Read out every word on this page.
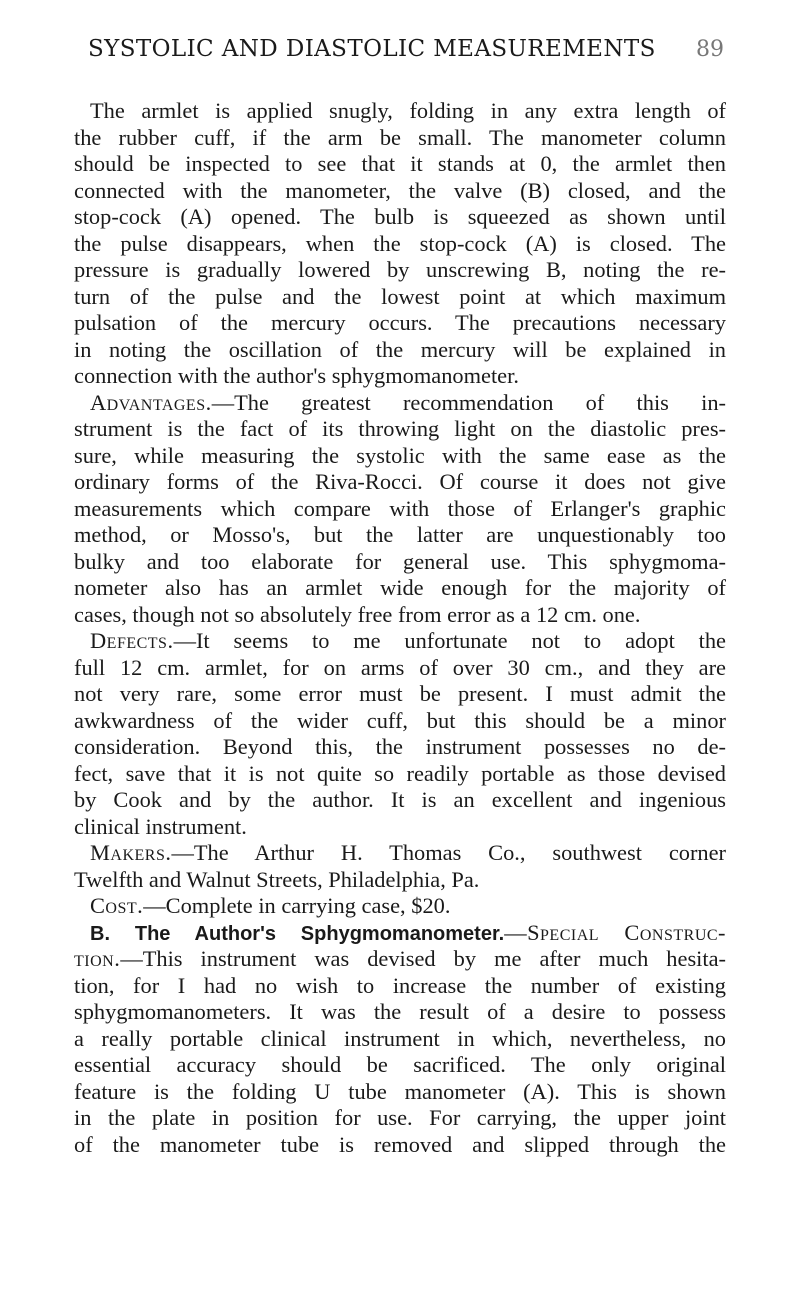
SYSTOLIC AND DIASTOLIC MEASUREMENTS 89
The armlet is applied snugly, folding in any extra length of
the rubber cuff, if the arm be small. The manometer column
should be inspected to see that it stands at 0, the armlet then
connected with the manometer, the valve (B) closed, and the
stop-cock (A) opened. The bulb is squeezed as shown until
the pulse disappears, when the stop-cock (A) is closed. The
pressure is gradually lowered by unscrewing B, noting the re-
turn of the pulse and the lowest point at which maximum
pulsation of the mercury occurs. The precautions necessary
in noting the oscillation of the mercury will be explained in
connection with the author's sphygmomanometer.
Advantages.—The greatest recommendation of this in-
strument is the fact of its throwing light on the diastolic pres-
sure, while measuring the systolic with the same ease as the
ordinary forms of the Riva-Rocci. Of course it does not give
measurements which compare with those of Erlanger's graphic
method, or Mosso's, but the latter are unquestionably too
bulky and too elaborate for general use. This sphygmoma-
nometer also has an armlet wide enough for the majority of
cases, though not so absolutely free from error as a 12 cm. one.
Defects.—It seems to me unfortunate not to adopt the
full 12 cm. armlet, for on arms of over 30 cm., and they are
not very rare, some error must be present. I must admit the
awkwardness of the wider cuff, but this should be a minor
consideration. Beyond this, the instrument possesses no de-
fect, save that it is not quite so readily portable as those devised
by Cook and by the author. It is an excellent and ingenious
clinical instrument.
Makers.—The Arthur H. Thomas Co., southwest corner
Twelfth and Walnut Streets, Philadelphia, Pa.
Cost.—Complete in carrying case, $20.
B. The Author's Sphygmomanometer.—Special Construc-
tion.—This instrument was devised by me after much hesita-
tion, for I had no wish to increase the number of existing
sphygmomanometers. It was the result of a desire to possess
a really portable clinical instrument in which, nevertheless, no
essential accuracy should be sacrificed. The only original
feature is the folding U tube manometer (A). This is shown
in the plate in position for use. For carrying, the upper joint
of the manometer tube is removed and slipped through the
